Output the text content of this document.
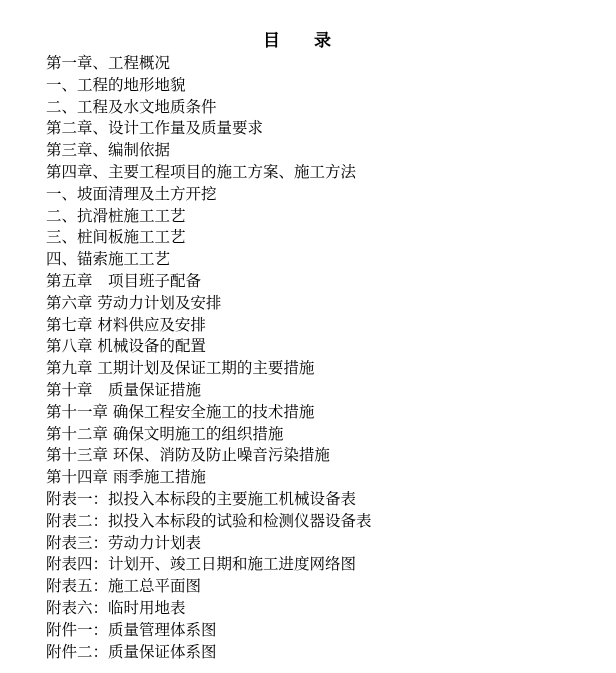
目　　录
第一章、工程概况
一、工程的地形地貌
二、工程及水文地质条件
第二章、设计工作量及质量要求
第三章、编制依据
第四章、主要工程项目的施工方案、施工方法
一、坡面清理及土方开挖
二、抗滑桩施工工艺
三、桩间板施工工艺
四、锚索施工工艺
第五章　项目班子配备
第六章 劳动力计划及安排
第七章 材料供应及安排
第八章 机械设备的配置
第九章 工期计划及保证工期的主要措施
第十章　质量保证措施
第十一章 确保工程安全施工的技术措施
第十二章 确保文明施工的组织措施
第十三章 环保、消防及防止噪音污染措施
第十四章 雨季施工措施
附表一：拟投入本标段的主要施工机械设备表
附表二：拟投入本标段的试验和检测仪器设备表
附表三：劳动力计划表
附表四：计划开、竣工日期和施工进度网络图
附表五：施工总平面图
附表六：临时用地表
附件一：质量管理体系图
附件二：质量保证体系图
